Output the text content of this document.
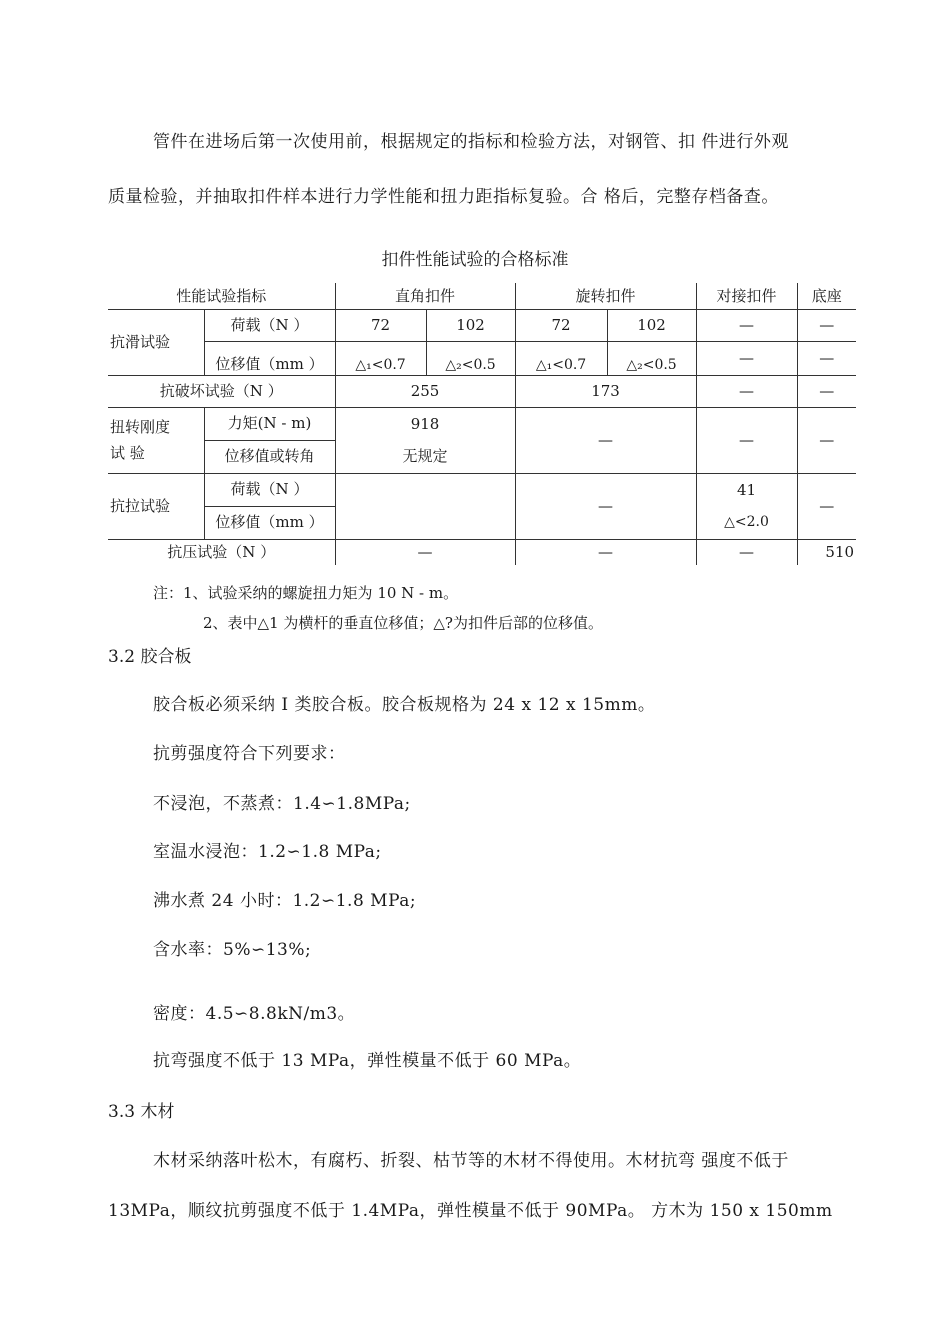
管件在进场后第一次使用前，根据规定的指标和检验方法，对钢管、扣 件进行外观
质量检验，并抽取扣件样本进行力学性能和扭力距指标复验。合 格后，完整存档备查。
扣件性能试验的合格标准
性能试验指标		直角扣件		旋转扣件		对接扣件	底座
抗滑试验	荷载（N ）	72	102	72	102	—	—
	位移值（mm ）	△₁<0.7	△₂<0.5	△₁<0.7	△₂<0.5	—	—
抗破坏试验（N ）		255		173		—	—

扭转刚度
试 验	力矩(N - m)	918		—		—	—
	位移值或转角	无规定					
抗拉试验	荷载（N ）			—		41	—
	位移值（mm ）					△<2.0	
抗压试验（N ）		—		—		—	510
注：1、试验采纳的螺旋扭力矩为 10 N - m。
2、表中△1 为横杆的垂直位移值；△?为扣件后部的位移值。
3.2 胶合板
胶合板必须采纳 I 类胶合板。胶合板规格为 24 x 12 x 15mm。
抗剪强度符合下列要求：
不浸泡，不蒸煮：1.4∽1.8MPa;
室温水浸泡：1.2∽1.8 MPa;
沸水煮 24 小时：1.2∽1.8 MPa;
含水率：5%∽13%;
密度：4.5∽8.8kN/m3。
抗弯强度不低于 13 MPa，弹性模量不低于 60 MPa。
3.3 木材
木材采纳落叶松木，有腐朽、折裂、枯节等的木材不得使用。木材抗弯 强度不低于
13MPa，顺纹抗剪强度不低于 1.4MPa，弹性模量不低于 90MPa。 方木为 150 x 150mm
